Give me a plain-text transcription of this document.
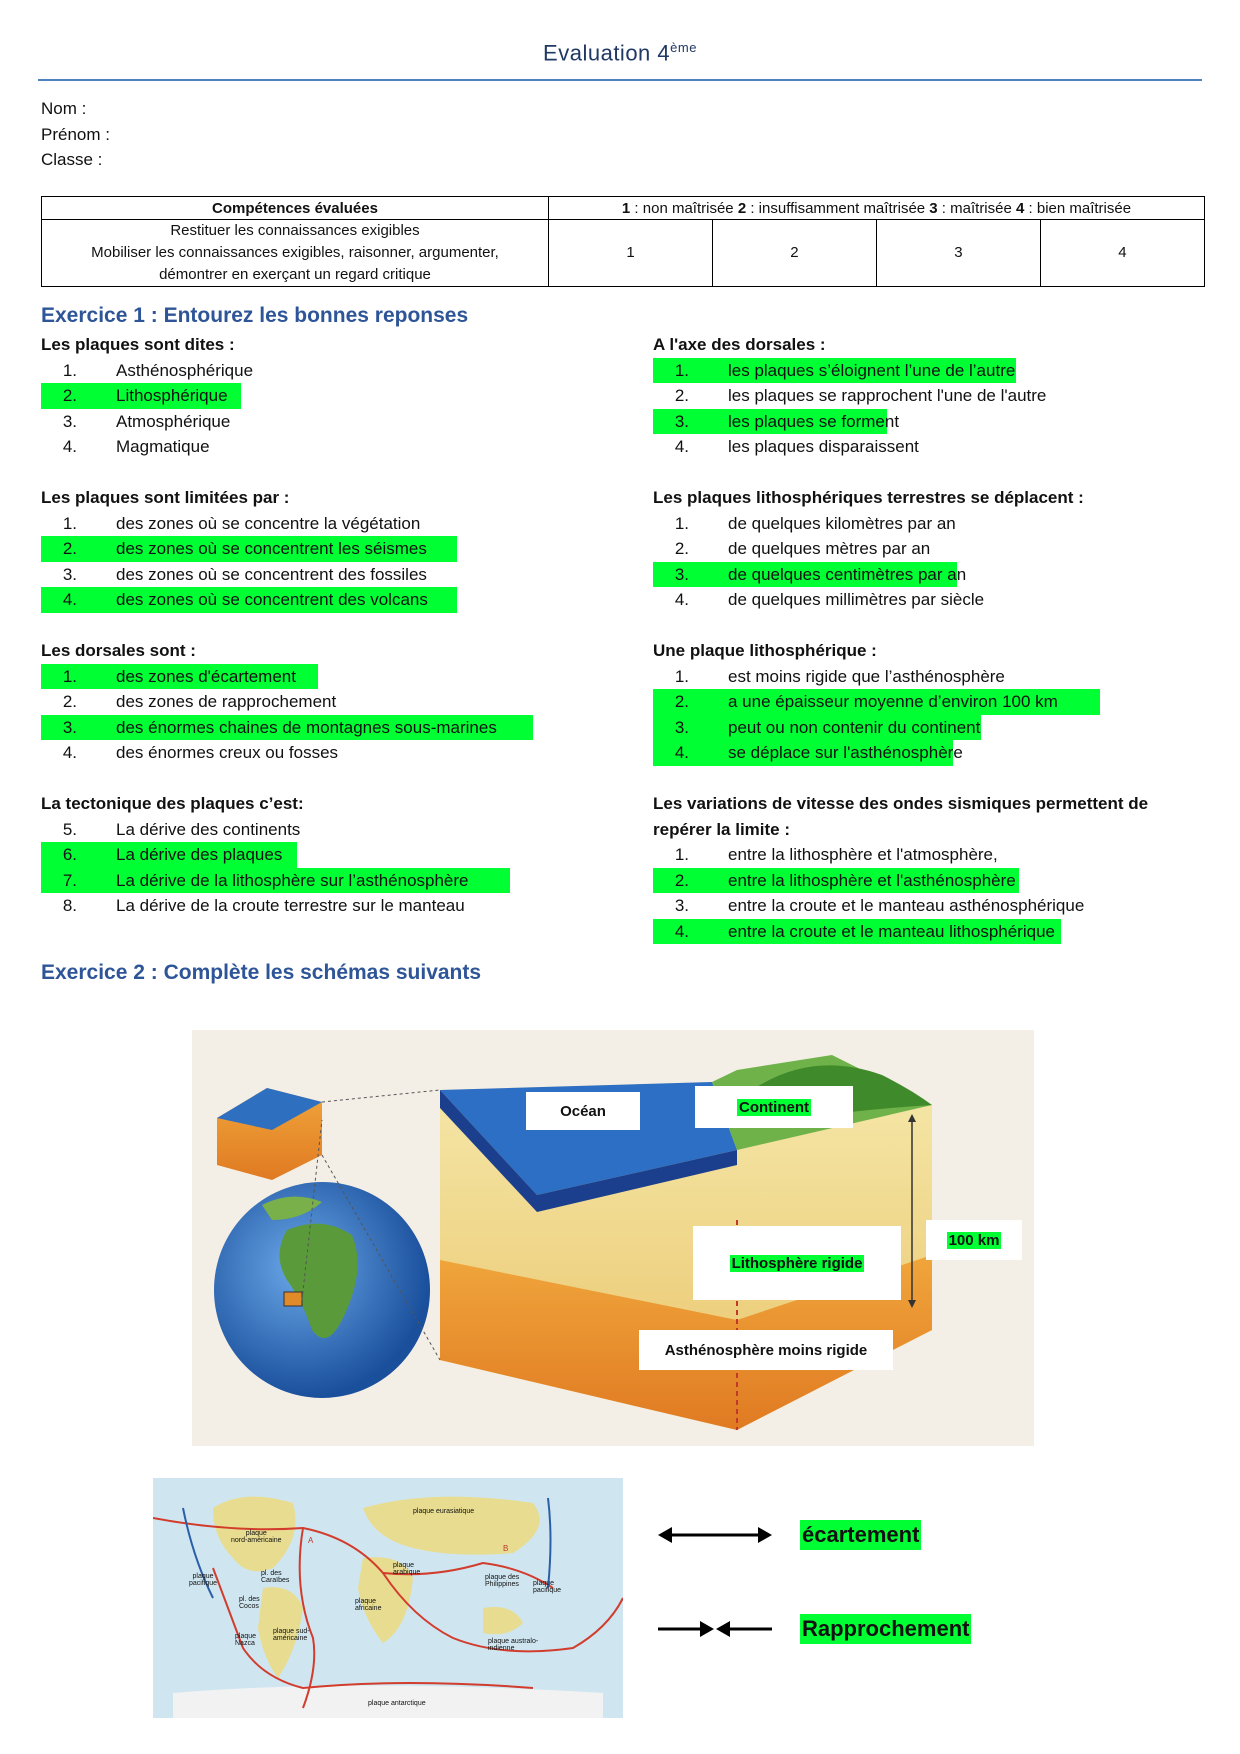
Evaluation 4ème
Nom :
Prénom :
Classe :
Compétences évaluées	1 : non maîtrisée 2 : insuffisamment maîtrisée 3 : maîtrisée 4 : bien maîtrisée			

Restituer les connaissances exigibles
Mobiliser les connaissances exigibles, raisonner, argumenter,
démontrer en exerçant un regard critique	1	2	3	4
Exercice 1 : Entourez les bonnes reponses
Les plaques sont dites :
1. Asthénosphérique
2. Lithosphérique
3. Atmosphérique
4. Magmatique
Les plaques sont limitées par :
1. des zones où se concentre la végétation
2. des zones où se concentrent les séismes
3. des zones où se concentrent des fossiles
4. des zones où se concentrent des volcans
Les dorsales sont :
1. des zones d'écartement
2. des zones de rapprochement
3. des énormes chaines de montagnes sous-marines
4. des énormes creux ou fosses
La tectonique des plaques c’est:
5. La dérive des continents
6. La dérive des plaques
7. La dérive de la lithosphère sur l’asthénosphère
8. La dérive de la croute terrestre sur le manteau
A l'axe des dorsales :
1. les plaques s’éloignent l’une de l’autre
2. les plaques se rapprochent l'une de l'autre
3. les plaques se forment
4. les plaques disparaissent
Les plaques lithosphériques terrestres se déplacent :
1. de quelques kilomètres par an
2. de quelques mètres par an
3. de quelques centimètres par an
4. de quelques millimètres par siècle
Une plaque lithosphérique :
1. est moins rigide que l’asthénosphère
2. a une épaisseur moyenne d’environ 100 km
3. peut ou non contenir du continent
4. se déplace sur l'asthénosphère
Les variations de vitesse des ondes sismiques permettent de
repérer la limite :
1. entre la lithosphère et l'atmosphère,
2. entre la lithosphère et l'asthénosphère
3. entre la croute et le manteau asthénosphérique
4. entre la croute et le manteau lithosphérique
Exercice 2 : Complète les schémas suivants
Océan	Continent
Lithosphère rigide
100 km
Asthénosphère moins rigide
plaque
nord-américaine	A
plaque eurasiatique
B
plaque
pacifique
pl. des Caraïbes
pl. des Cocos
plaque arabique
plaque africaine
plaque des Philippines	plaque pacifique
plaque Nazca
plaque sud-américaine	plaque australo-indienne
plaque antarctique
écartement
Rapprochement
